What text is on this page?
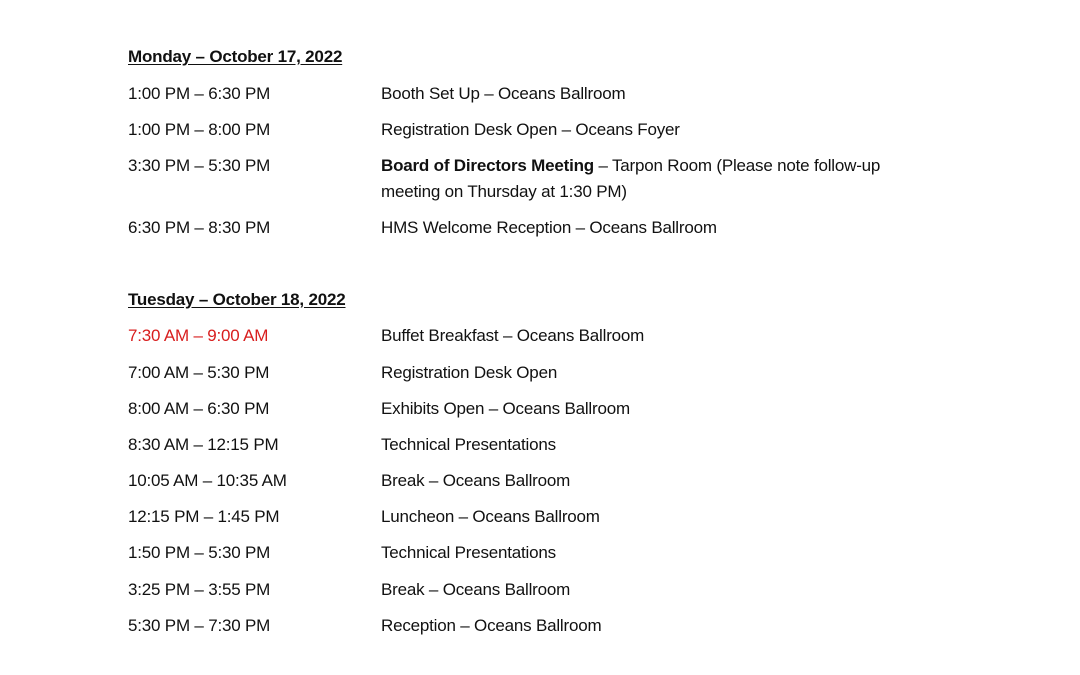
Monday – October 17, 2022
1:00 PM – 6:30 PM	Booth Set Up – Oceans Ballroom
1:00 PM – 8:00 PM	Registration Desk Open – Oceans Foyer
3:30 PM – 5:30 PM	Board of Directors Meeting – Tarpon Room (Please note follow-up meeting on Thursday at 1:30 PM)
6:30 PM – 8:30 PM	HMS Welcome Reception – Oceans Ballroom
Tuesday – October 18, 2022
7:30 AM – 9:00 AM	Buffet Breakfast – Oceans Ballroom
7:00 AM – 5:30 PM	Registration Desk Open
8:00 AM – 6:30 PM	Exhibits Open – Oceans Ballroom
8:30 AM – 12:15 PM	Technical Presentations
10:05 AM – 10:35 AM	Break – Oceans Ballroom
12:15 PM – 1:45 PM	Luncheon – Oceans Ballroom
1:50 PM – 5:30 PM	Technical Presentations
3:25 PM – 3:55 PM	Break – Oceans Ballroom
5:30 PM – 7:30 PM	Reception – Oceans Ballroom
